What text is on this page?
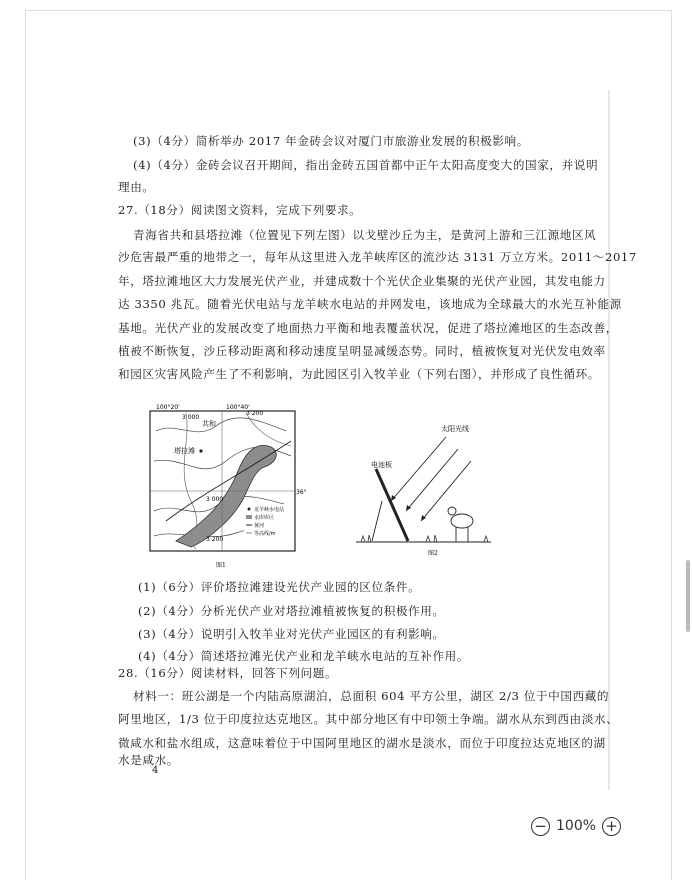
(3)（4分）简析举办 2017 年金砖会议对厦门市旅游业发展的积极影响。
(4)（4分）金砖会议召开期间，指出金砖五国首都中正午太阳高度变大的国家，并说明
理由。
27.（18分）阅读图文资料，完成下列要求。
青海省共和县塔拉滩（位置见下列左图）以戈壁沙丘为主，是黄河上游和三江源地区风
沙危害最严重的地带之一，每年从这里进入龙羊峡库区的流沙达 3131 万立方米。2011～2017
年，塔拉滩地区大力发展光伏产业，并建成数十个光伏企业集聚的光伏产业园，其发电能力
达 3350 兆瓦。随着光伏电站与龙羊峡水电站的并网发电，该地成为全球最大的水光互补能源
基地。光伏产业的发展改变了地面热力平衡和地表覆盖状况，促进了塔拉滩地区的生态改善，
植被不断恢复，沙丘移动距离和移动速度呈明显减缓态势。同时，植被恢复对光伏发电效率
和园区灾害风险产生了不利影响，为此园区引入牧羊业（下列右图），并形成了良性循环。
100°20'	100°40'
36°
3 000
3 200
3 000
3 200
共和
塔拉滩
龙羊峡水电站
水库库区
黄河
等高线/m
图1
太阳光线
电池板
图2
(1)（6分）评价塔拉滩建设光伏产业园的区位条件。
(2)（4分）分析光伏产业对塔拉滩植被恢复的积极作用。
(3)（4分）说明引入牧羊业对光伏产业园区的有利影响。
(4)（4分）简述塔拉滩光伏产业和龙羊峡水电站的互补作用。
28.（16分）阅读材料，回答下列问题。
材料一：班公湖是一个内陆高原湖泊，总面积 604 平方公里，湖区 2/3 位于中国西藏的
阿里地区，1/3 位于印度拉达克地区。其中部分地区有中印领土争端。湖水从东到西由淡水、
微咸水和盐水组成，这意味着位于中国阿里地区的湖水是淡水，而位于印度拉达克地区的湖
水是咸水。
4
− 100% +
